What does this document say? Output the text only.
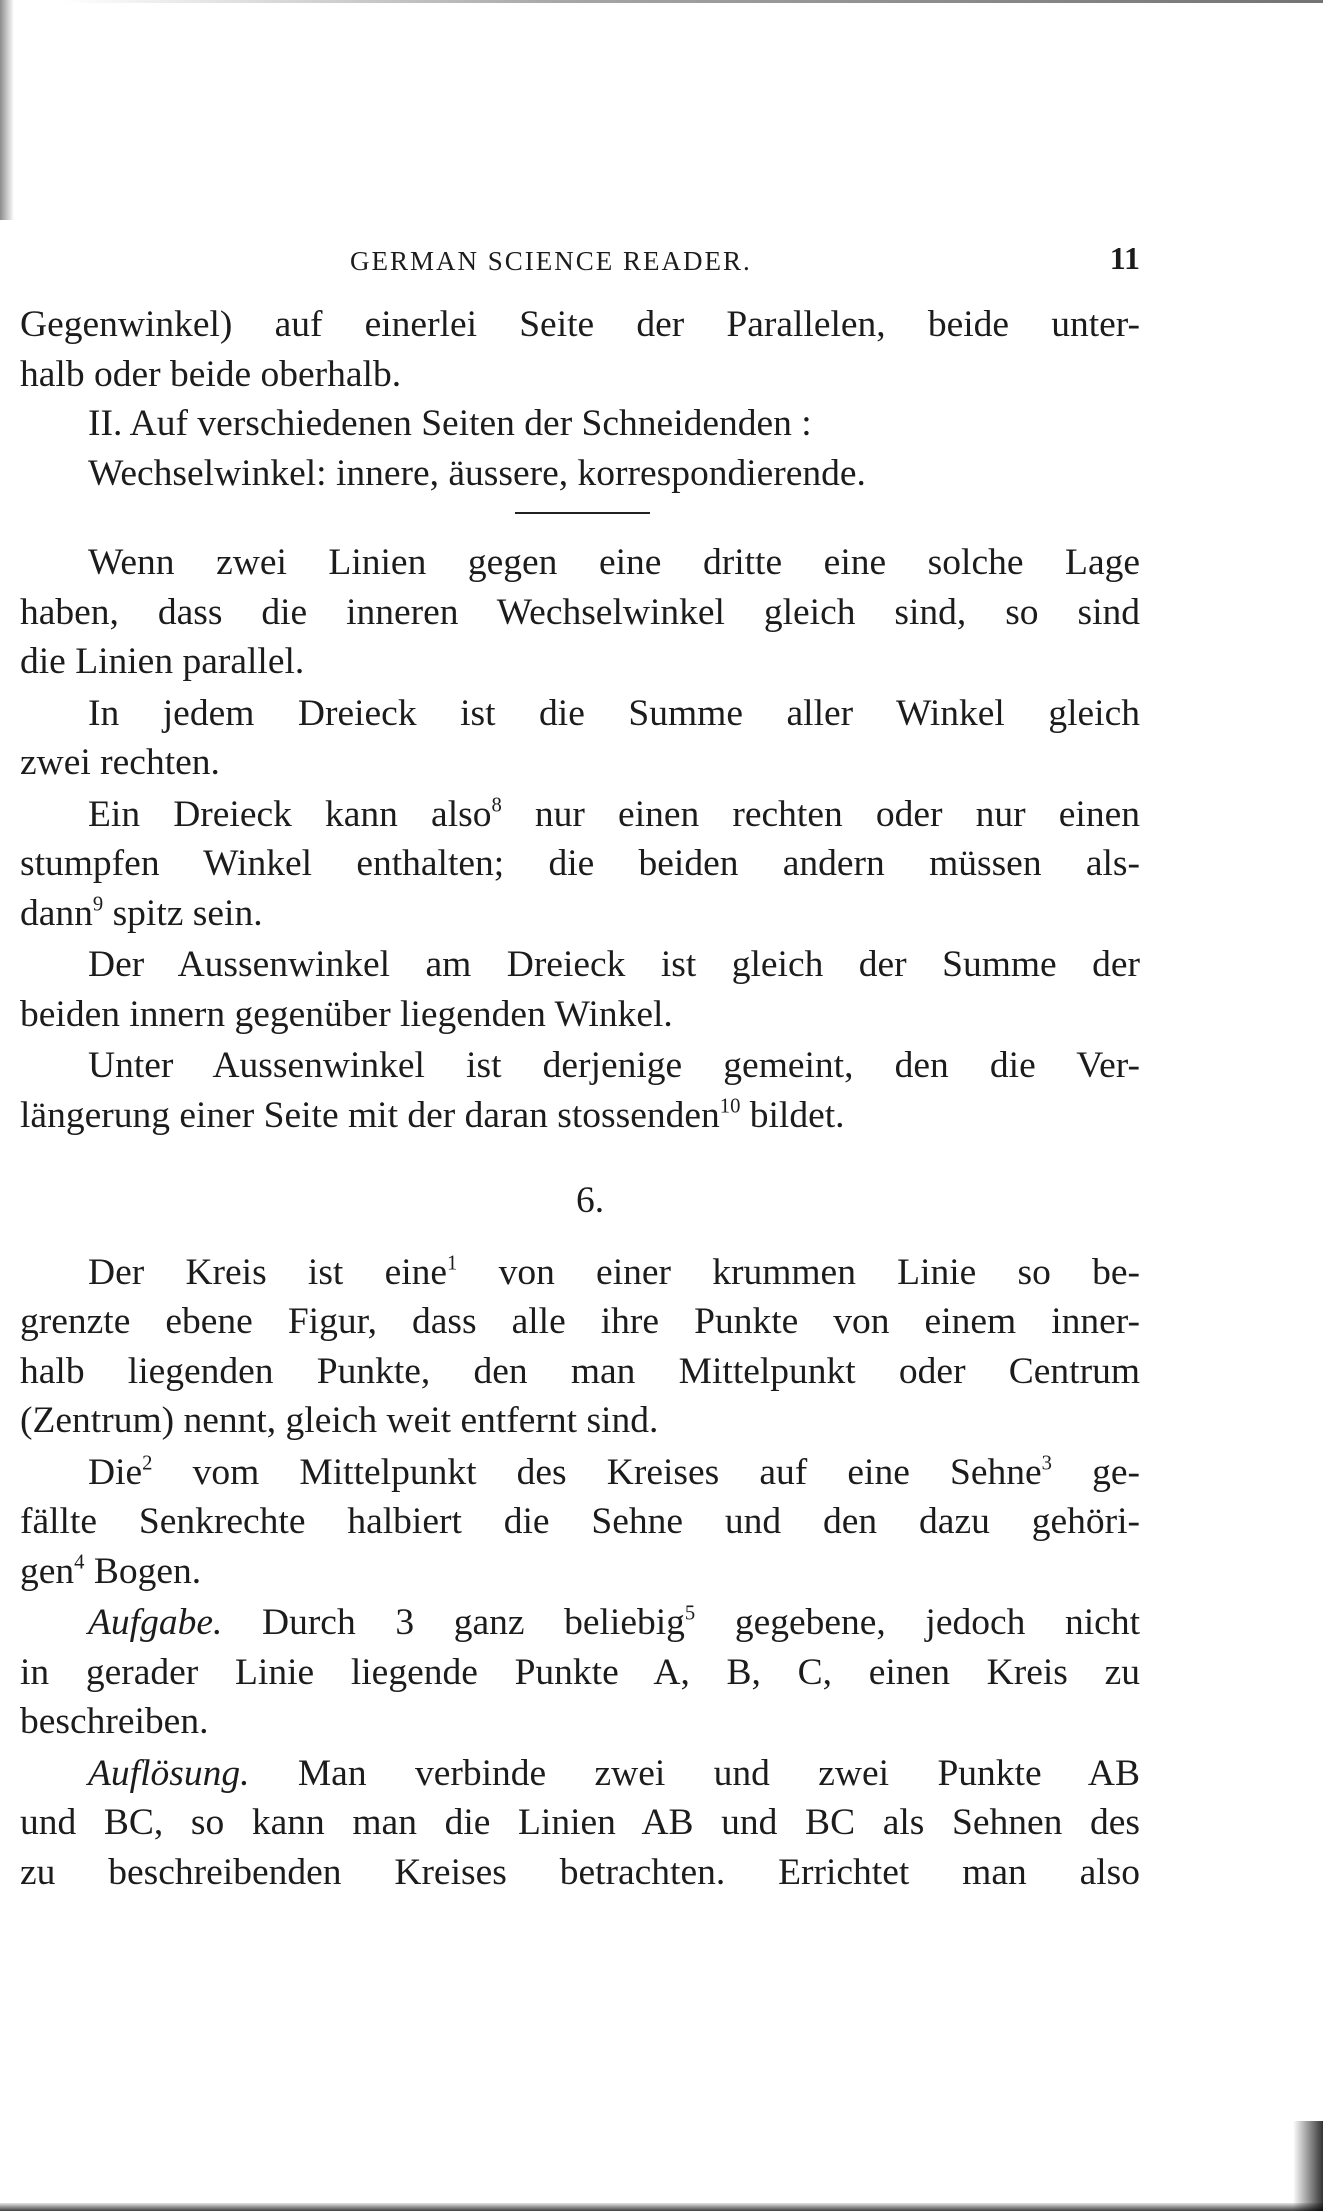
GERMAN SCIENCE READER.	11
Gegenwinkel) auf einerlei Seite der Parallelen, beide unter-
halb oder beide oberhalb.
II. Auf verschiedenen Seiten der Schneidenden :
Wechselwinkel: innere, äussere, korrespondierende.
Wenn zwei Linien gegen eine dritte eine solche Lage
haben, dass die inneren Wechselwinkel gleich sind, so sind
die Linien parallel.
In jedem Dreieck ist die Summe aller Winkel gleich
zwei rechten.
Ein Dreieck kann also$^8$ nur einen rechten oder nur einen
stumpfen Winkel enthalten; die beiden andern müssen als-
dann$^9$ spitz sein.
Der Aussenwinkel am Dreieck ist gleich der Summe der
beiden innern gegenüber liegenden Winkel.
Unter Aussenwinkel ist derjenige gemeint, den die Ver-
längerung einer Seite mit der daran stossenden$^{10}$ bildet.
6.
Der Kreis ist eine$^1$ von einer krummen Linie so be-
grenzte ebene Figur, dass alle ihre Punkte von einem inner-
halb liegenden Punkte, den man Mittelpunkt oder Centrum
(Zentrum) nennt, gleich weit entfernt sind.
Die$^2$ vom Mittelpunkt des Kreises auf eine Sehne$^3$ ge-
fällte Senkrechte halbiert die Sehne und den dazu gehöri-
gen$^4$ Bogen.
Aufgabe. Durch 3 ganz beliebig$^5$ gegebene, jedoch nicht
in gerader Linie liegende Punkte A, B, C, einen Kreis zu
beschreiben.
Auflösung. Man verbinde zwei und zwei Punkte AB
und BC, so kann man die Linien AB und BC als Sehnen des
zu beschreibenden Kreises betrachten. Errichtet man also
